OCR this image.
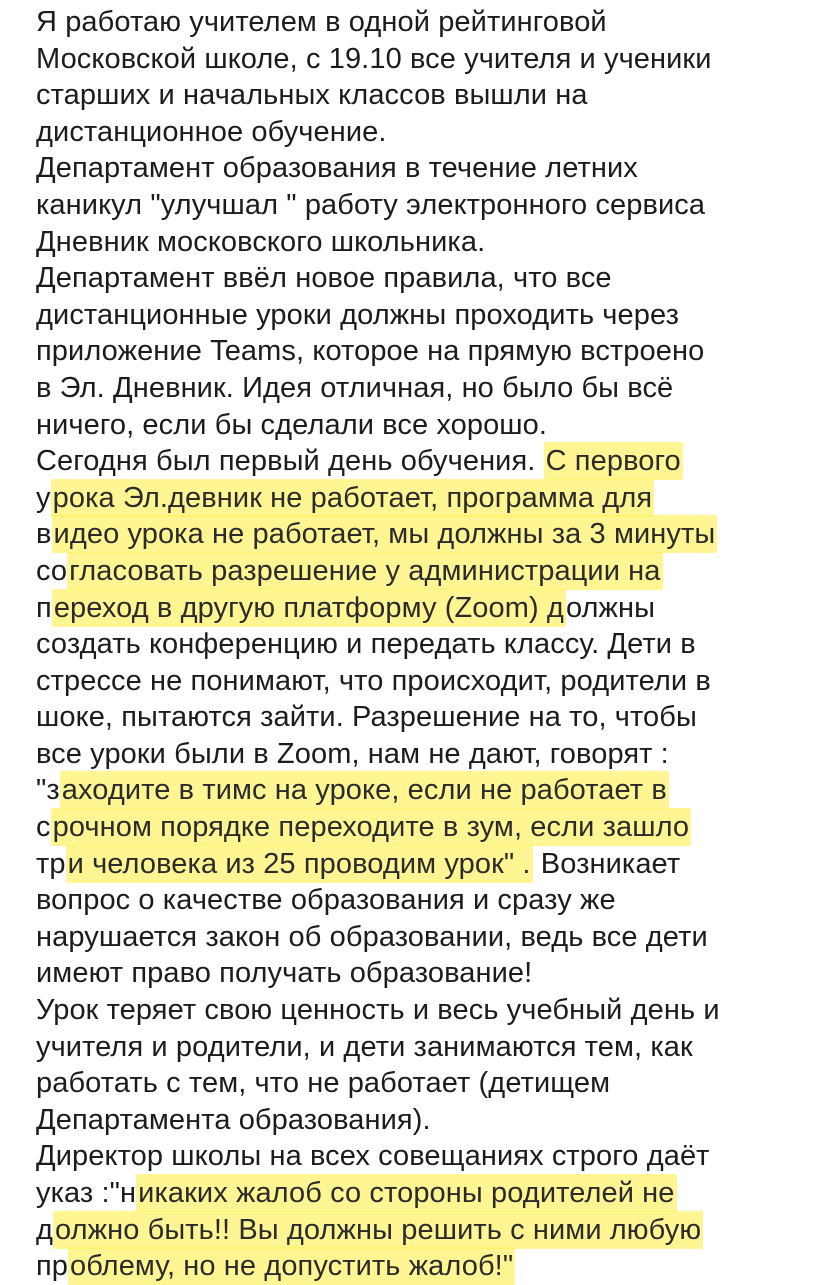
Я работаю учителем в одной рейтинговой
Московской школе, с 19.10 все учителя и ученики
старших и начальных классов вышли на
дистанционное обучение.
Департамент образования в течение летних
каникул "улучшал " работу электронного сервиса
Дневник московского школьника.
Департамент ввёл новое правила, что все
дистанционные уроки должны проходить через
приложение Teams, которое на прямую встроено
в Эл. Дневник. Идея отличная, но было бы всё
ничего, если бы сделали все хорошо.
Сегодня был первый день обучения. С первого
урока Эл.девник не работает, программа для
видео урока не работает, мы должны за 3 минуты
согласовать разрешение у администрации на
переход в другую платформу (Zoom) должны
создать конференцию и передать классу. Дети в
стрессе не понимают, что происходит, родители в
шоке, пытаются зайти. Разрешение на то, чтобы
все уроки были в Zoom, нам не дают, говорят :
"заходите в тимс на уроке, если не работает в
срочном порядке переходите в зум, если зашло
три человека из 25 проводим урок" . Возникает
вопрос о качестве образования и сразу же
нарушается закон об образовании, ведь все дети
имеют право получать образование!
Урок теряет свою ценность и весь учебный день и
учителя и родители, и дети занимаются тем, как
работать с тем, что не работает (детищем
Департамента образования).
Директор школы на всех совещаниях строго даёт
указ :"никаких жалоб со стороны родителей не
должно быть!! Вы должны решить с ними любую
проблему, но не допустить жалоб!"
